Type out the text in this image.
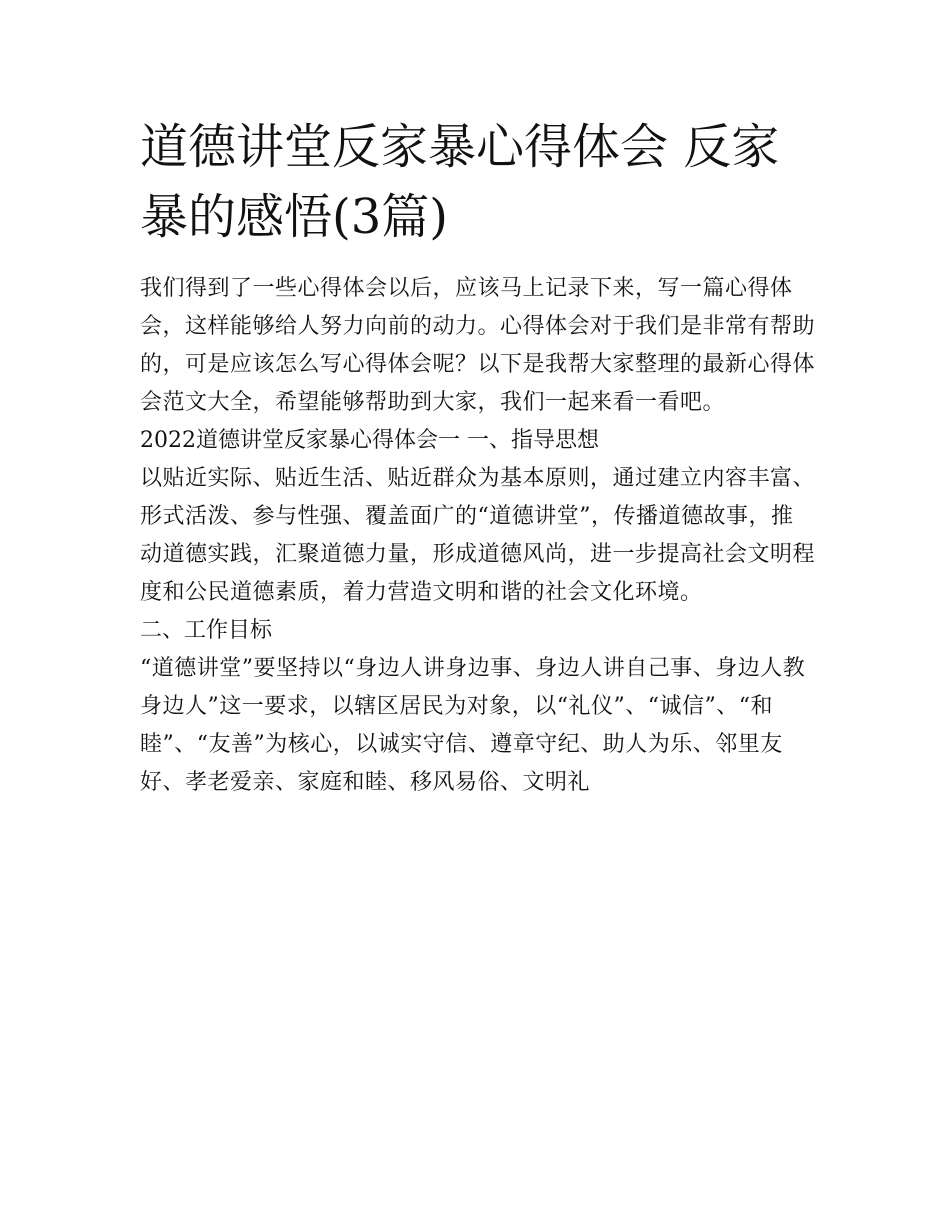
道德讲堂反家暴心得体会 反家暴的感悟(3篇)

我们得到了一些心得体会以后，应该马上记录下来，写一篇心得体会，这样能够给人努力向前的动力。心得体会对于我们是非常有帮助的，可是应该怎么写心得体会呢？以下是我帮大家整理的最新心得体会范文大全，希望能够帮助到大家，我们一起来看一看吧。

2022道德讲堂反家暴心得体会一 一、指导思想

以贴近实际、贴近生活、贴近群众为基本原则，通过建立内容丰富、形式活泼、参与性强、覆盖面广的“道德讲堂”，传播道德故事，推动道德实践，汇聚道德力量，形成道德风尚，进一步提高社会文明程度和公民道德素质，着力营造文明和谐的社会文化环境。

二、工作目标

“道德讲堂”要坚持以“身边人讲身边事、身边人讲自己事、身边人教身边人”这一要求，以辖区居民为对象，以“礼仪”、“诚信”、“和睦”、“友善”为核心，以诚实守信、遵章守纪、助人为乐、邻里友好、孝老爱亲、家庭和睦、移风易俗、文明礼
